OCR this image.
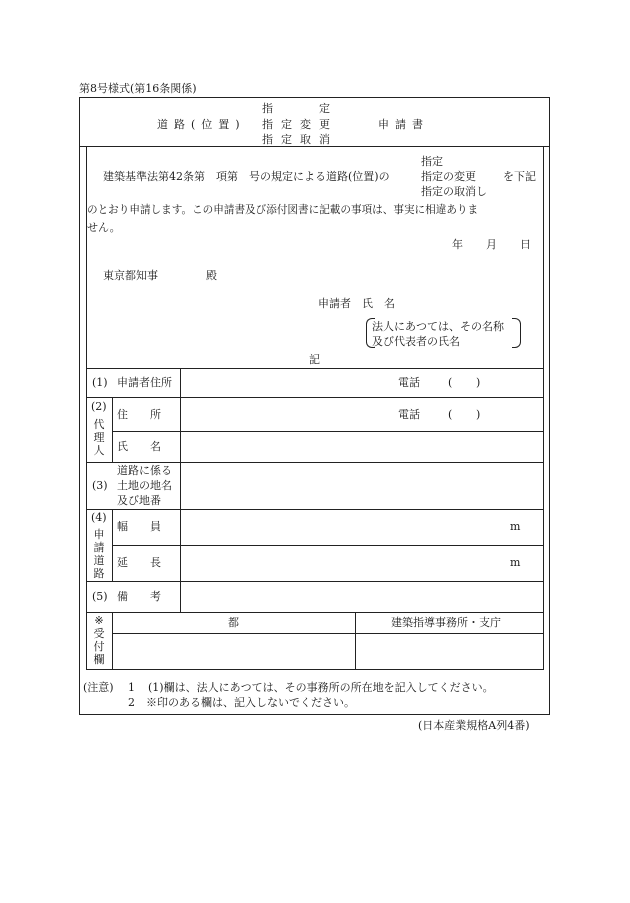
第8号様式(第16条関係)
道路(位置)
指　　定
指定変更
指定取消
申請書
建築基準法第42条第　項第　号の規定による道路(位置)の
指定
指定の変更
指定の取消し
を下記
のとおり申請します。この申請書及び添付図書に記載の事項は、事実に相違ありま
せん。
年 月 日
東京都知事	殿
申請者　氏　名
法人にあつては、その名称
及び代表者の氏名
記
(1) 申請者住所	電話	( )
(2)
代
理
人
住　　所	電話	( )
氏　　名
(3)
道路に係る
土地の地名
及び地番
(4)
申
請
道
路
幅　　員	m
延　　長	m
(5) 備　　考
※
受
付
欄
都	建築指導事務所・支庁
(注意) 1 (1)欄は、法人にあつては、その事務所の所在地を記入してください。
2 ※印のある欄は、記入しないでください。
(日本産業規格A列4番)
